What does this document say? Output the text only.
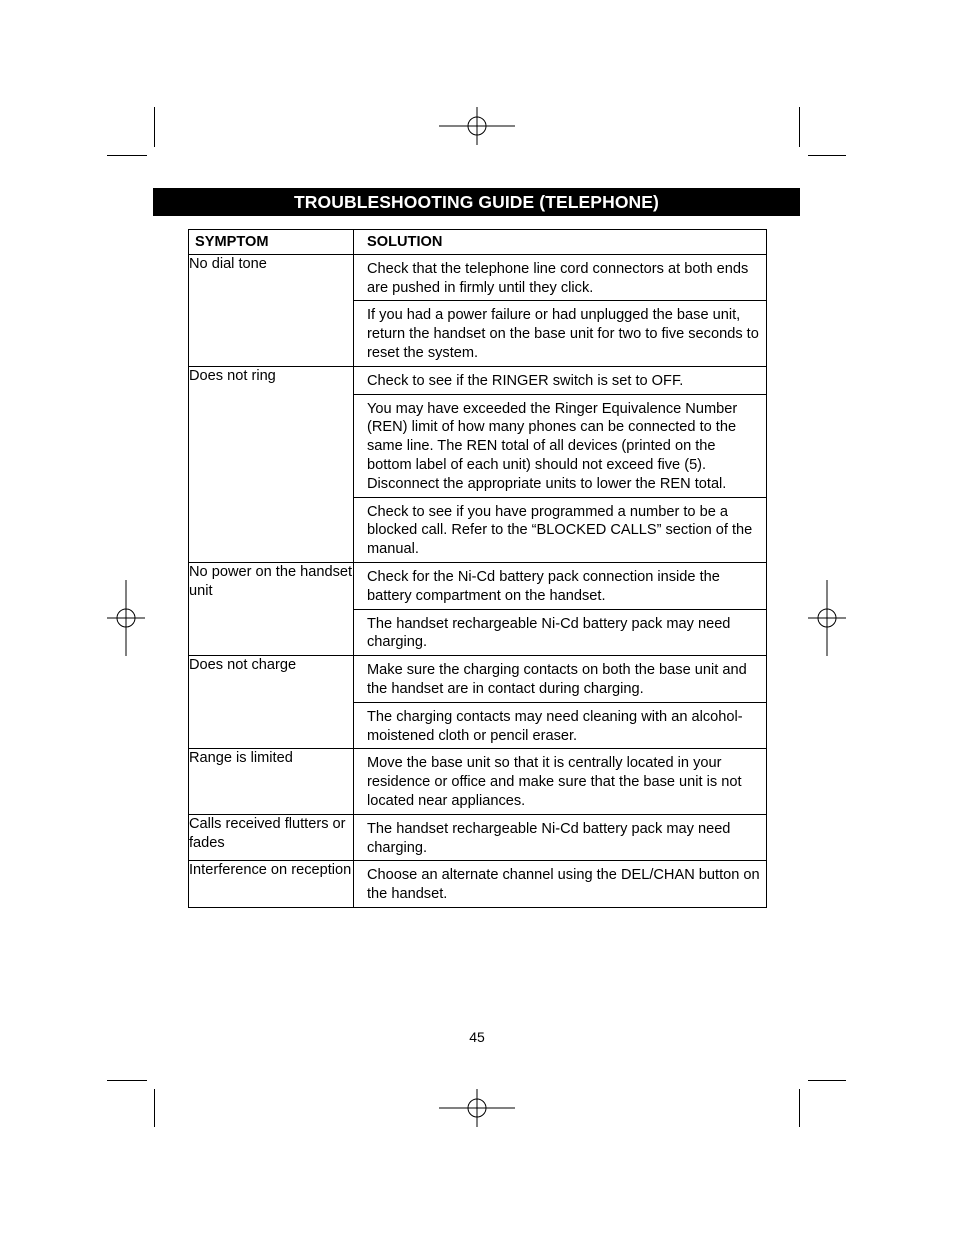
TROUBLESHOOTING GUIDE (TELEPHONE)
SYMPTOM	SOLUTION
No dial tone	Check that the telephone line cord connectors at both ends are pushed in firmly until they click.
If you had a power failure or had unplugged the base unit, return the handset on the base unit for two to five seconds to reset the system.

Does not ring	Check to see if the RINGER switch is set to OFF.
You may have exceeded the Ringer Equivalence Number (REN) limit of how many phones can be connected to the same line. The REN total of all devices (printed on the bottom label of each unit) should not exceed five (5). Disconnect the appropriate units to lower the REN total.
Check to see if you have programmed a number to be a blocked call. Refer to the “BLOCKED CALLS” section of the manual.

No power on the handset unit	Check for the Ni-Cd battery pack connection inside the battery compartment on the handset.
The handset rechargeable Ni-Cd battery pack may need charging.

Does not charge	Make sure the charging contacts on both the base unit and the handset are in contact during charging.
The charging contacts may need cleaning with an alcohol-moistened cloth or pencil eraser.

Range is limited	Move the base unit so that it is centrally located in your residence or office and make sure that the base unit is not located near appliances.

Calls received flutters or fades	The handset rechargeable Ni-Cd battery pack may need charging.

Interference on reception	Choose an alternate channel using the DEL/CHAN button on the handset.
45
